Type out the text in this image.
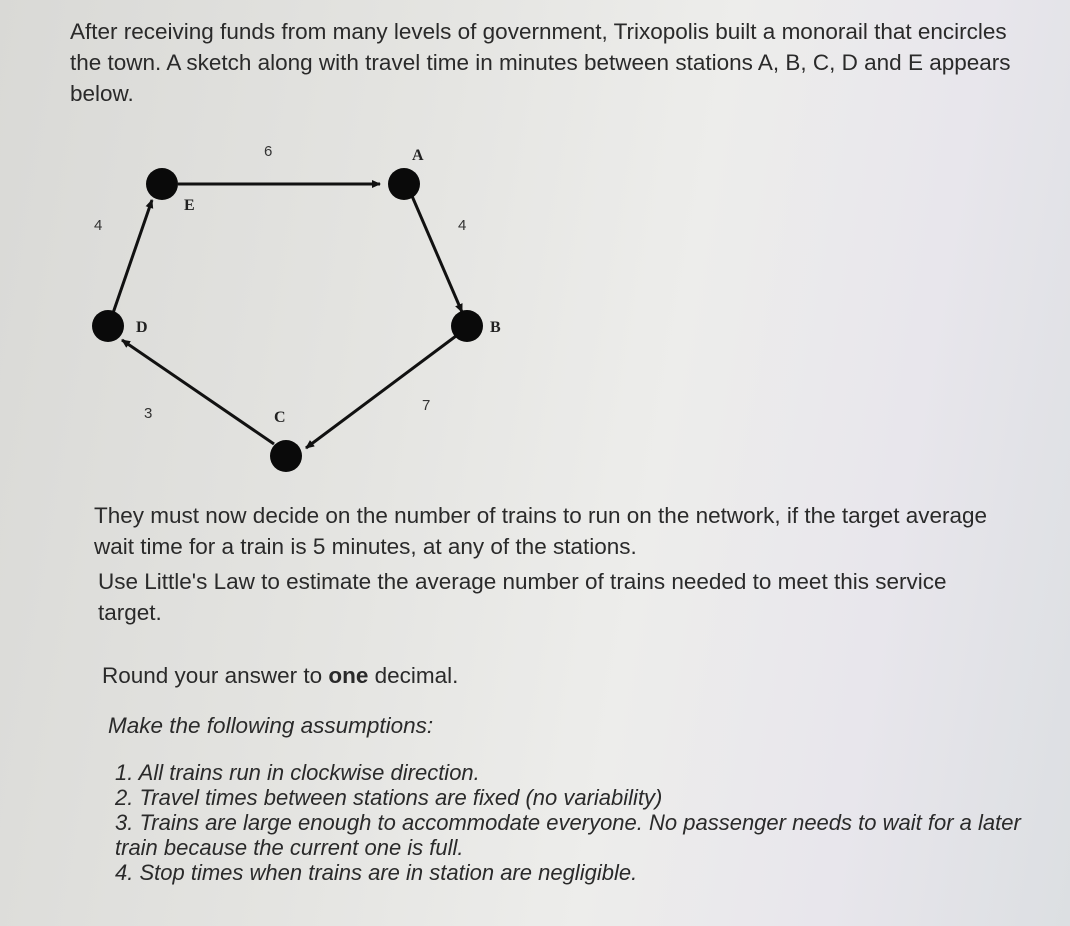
After receiving funds from many levels of government, Trixopolis built a monorail that encircles the town. A sketch along with travel time in minutes between stations A, B, C, D and E appears below.

E
A
B
C
D
6
4
7
3
4

They must now decide on the number of trains to run on the network, if the target average wait time for a train is 5 minutes, at any of the stations.

Use Little's Law to estimate the average number of trains needed to meet this service target.

Round your answer to one decimal.

Make the following assumptions:

1. All trains run in clockwise direction.
2. Travel times between stations are fixed (no variability)
3. Trains are large enough to accommodate everyone. No passenger needs to wait for a later train because the current one is full.
4. Stop times when trains are in station are negligible.
